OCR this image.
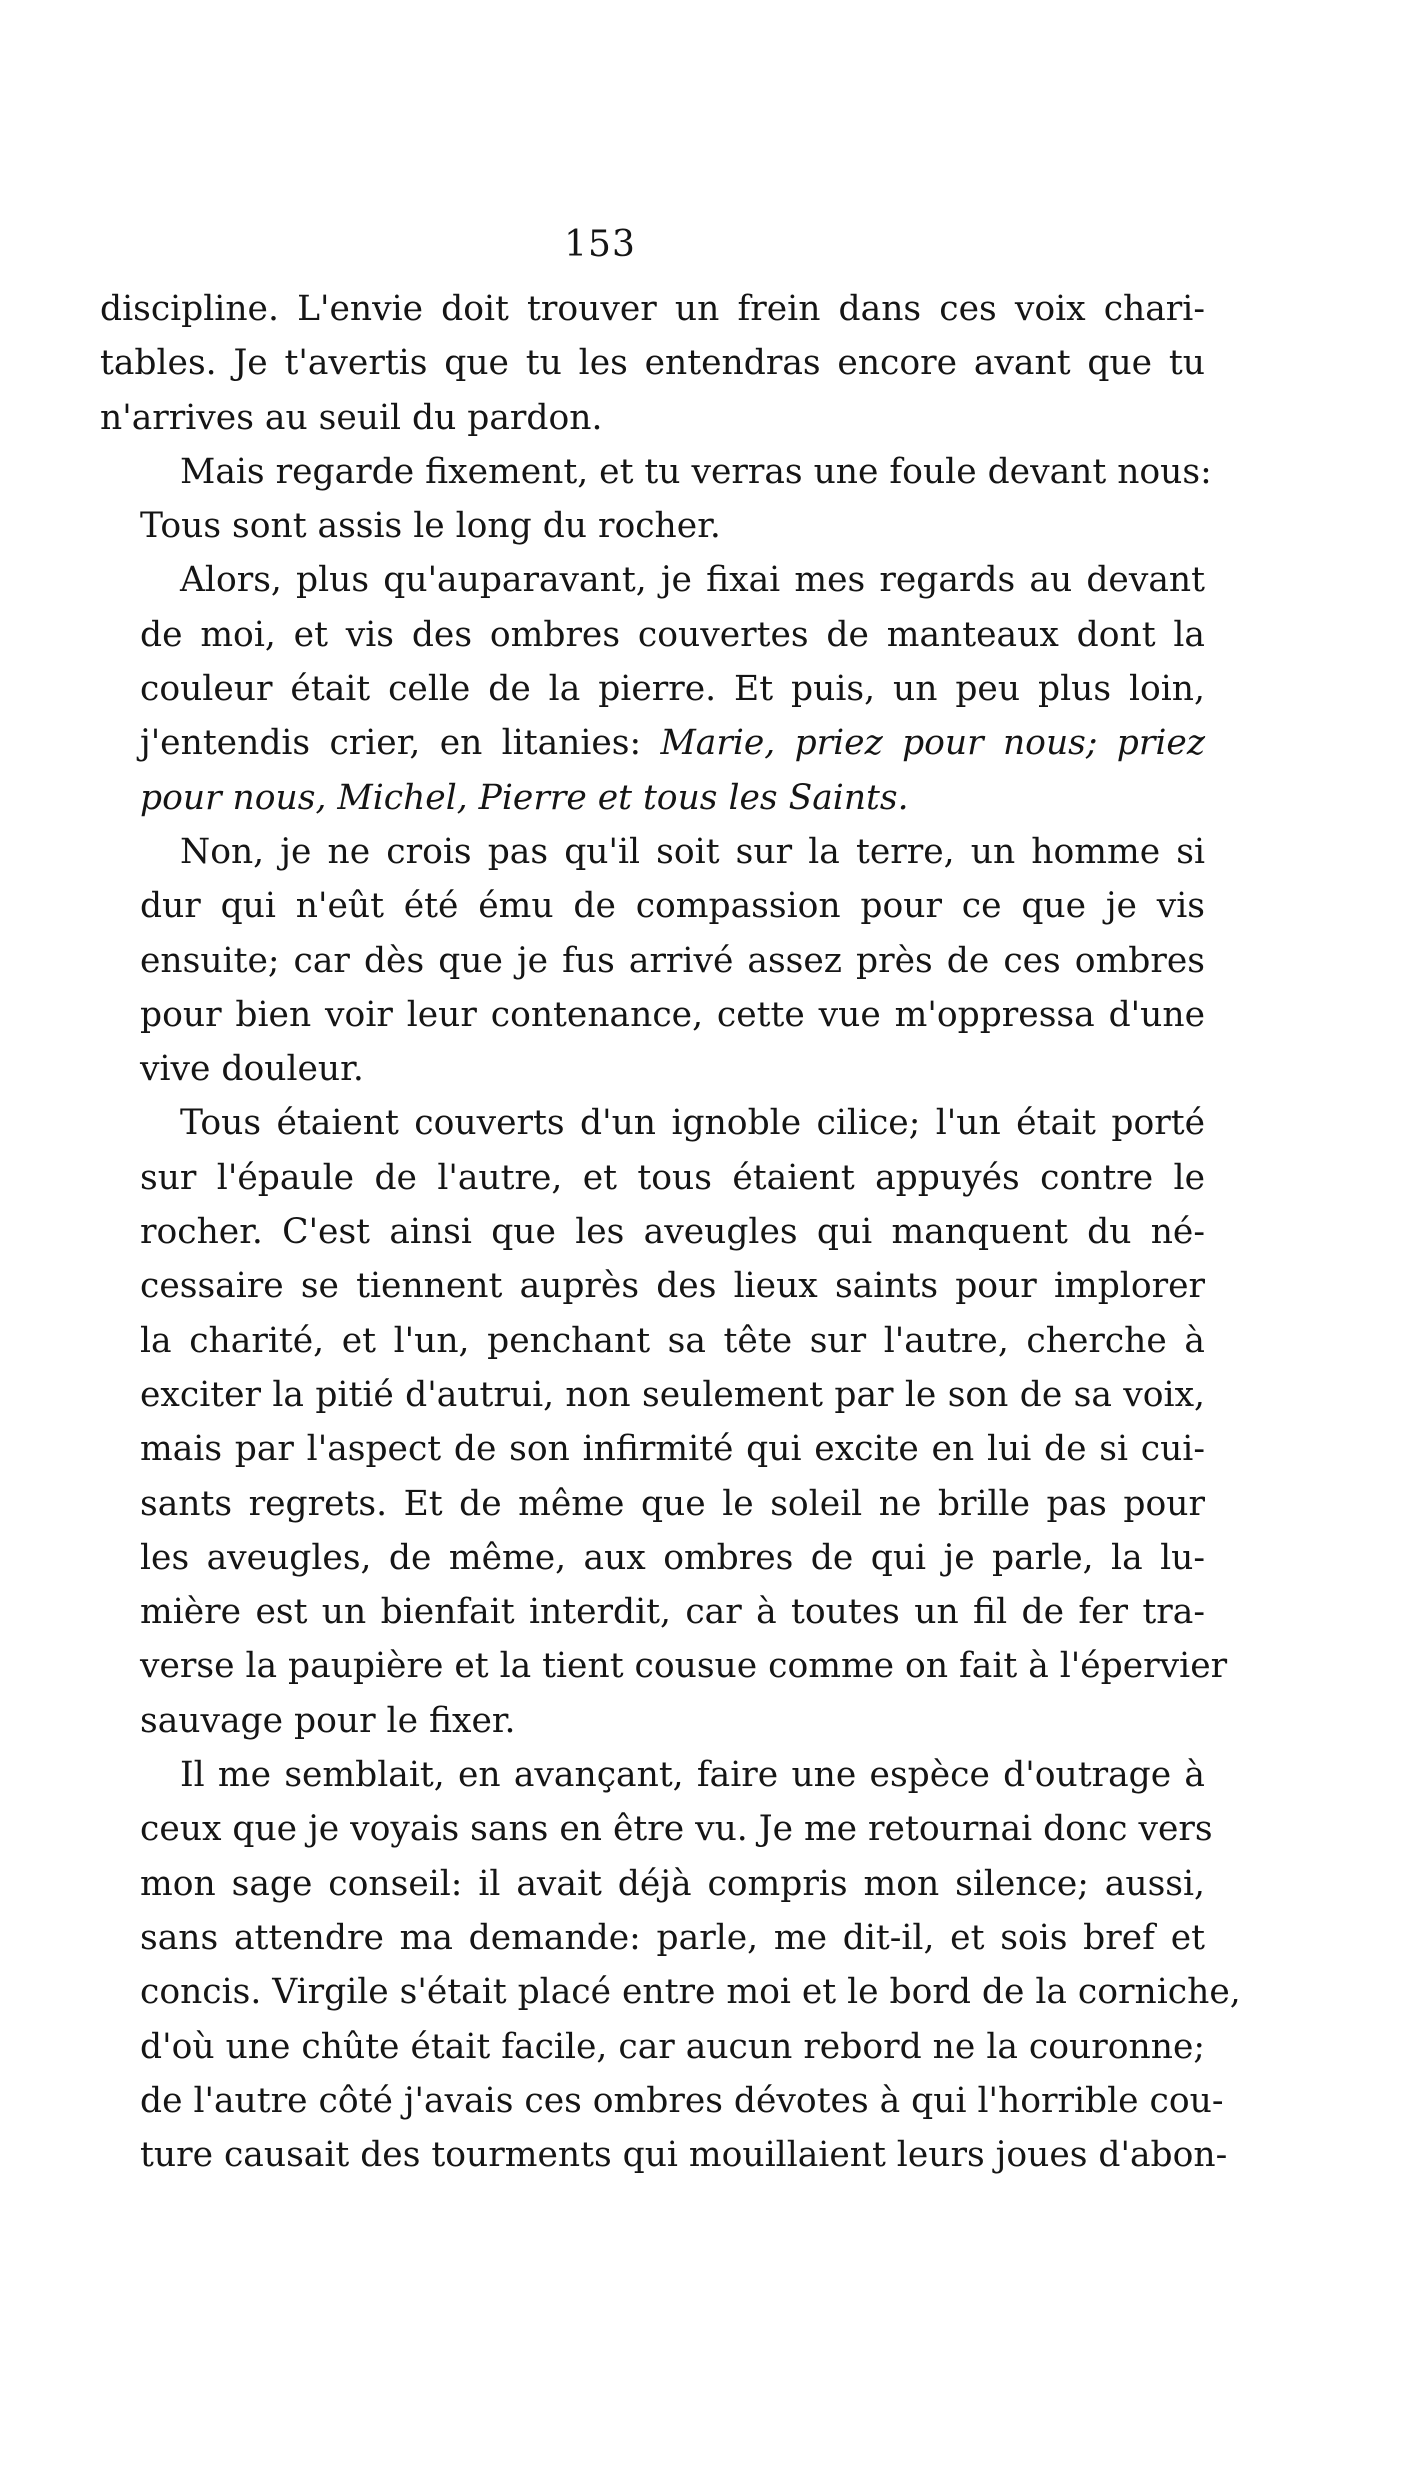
153
discipline. L'envie doit trouver un frein dans ces voix chari-
tables. Je t'avertis que tu les entendras encore avant que tu
n'arrives au seuil du pardon.
Mais regarde fixement, et tu verras une foule devant nous:
Tous sont assis le long du rocher.
Alors, plus qu'auparavant, je fixai mes regards au devant
de moi, et vis des ombres couvertes de manteaux dont la
couleur était celle de la pierre. Et puis, un peu plus loin,
j'entendis crier, en litanies: Marie, priez pour nous; priez
pour nous, Michel, Pierre et tous les Saints.
Non, je ne crois pas qu'il soit sur la terre, un homme si
dur qui n'eût été ému de compassion pour ce que je vis
ensuite; car dès que je fus arrivé assez près de ces ombres
pour bien voir leur contenance, cette vue m'oppressa d'une
vive douleur.
Tous étaient couverts d'un ignoble cilice; l'un était porté
sur l'épaule de l'autre, et tous étaient appuyés contre le
rocher. C'est ainsi que les aveugles qui manquent du né-
cessaire se tiennent auprès des lieux saints pour implorer
la charité, et l'un, penchant sa tête sur l'autre, cherche à
exciter la pitié d'autrui, non seulement par le son de sa voix,
mais par l'aspect de son infirmité qui excite en lui de si cui-
sants regrets. Et de même que le soleil ne brille pas pour
les aveugles, de même, aux ombres de qui je parle, la lu-
mière est un bienfait interdit, car à toutes un fil de fer tra-
verse la paupière et la tient cousue comme on fait à l'épervier
sauvage pour le fixer.
Il me semblait, en avançant, faire une espèce d'outrage à
ceux que je voyais sans en être vu. Je me retournai donc vers
mon sage conseil: il avait déjà compris mon silence; aussi,
sans attendre ma demande: parle, me dit-il, et sois bref et
concis. Virgile s'était placé entre moi et le bord de la corniche,
d'où une chûte était facile, car aucun rebord ne la couronne;
de l'autre côté j'avais ces ombres dévotes à qui l'horrible cou-
ture causait des tourments qui mouillaient leurs joues d'abon-
